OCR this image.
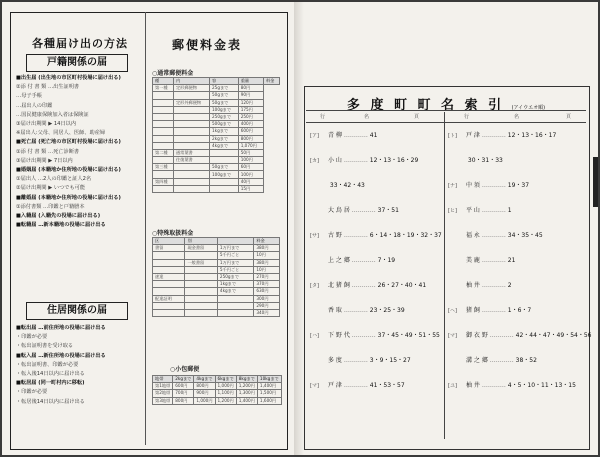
各種届け出の方法
戸籍関係の届
■出生届 (出生地の市区町村役場に届け出る)
②添 付 書 類 …出生証明書
…母子手帳
…届出人の印鑑
…国民健康保険加入者は保険証
③届け出期間 ▶ 14日以内
※届出人:父母、同居人、医師、助産婦
■死亡届 (死亡地の市区町村役場に届け出る)
①添 付 書 類 …死亡診断書
③届け出期間 ▶ 7日以内
■婚姻届 (本籍地か住所地の役場に届け出る)
①届出人 …2人の印鑑と証人2名
②届け出期間 ▶ いつでも可能
■離婚届 (本籍地か住所地の役場に届け出る)
①添付書類 …印鑑と戸籍謄本
■入籍届 (入籍先の役場に届け出る)
■転籍届 …新本籍地の役場に届け出る
住居関係の届
■転出届 …前住所地の役場に届け出る
・印鑑が必要
・転出証明書を受け取る
■転入届 …新住所地の役場に届け出る
・転出証明書、印鑑が必要
・転入後14日以内に届け出る
■転居届 (同一町村内に移転)
・印鑑が必要
・転居後14日以内に届け出る
郵便料金表
○通常郵便料金
種	内	容	重量	料金
第一種	定形郵便物	25gまで	80円	
		50gまで	90円	
	定形外郵便物	50gまで	120円	
		100gまで	175円	
		250gまで	250円	
		500gまで	400円	
		1kgまで	600円	
		2kgまで	800円	
		4kgまで	1,070円	
第二種	通常葉書		50円	
	往復葉書		100円	
第三種		50gまで	60円	
		100gまで	100円	
第四種			40円	
			15円	
○特殊取扱料金
区	別		料金
書留	現金書留	1万円まで	380円
		5千円ごと	10円
	一般書留	1万円まで	380円
		5千円ごと	10円
速達		250gまで	270円
		1kgまで	370円
		4kgまで	630円
配達証明			300円
			290円
			340円
○小包郵便
地帯	2kgまで	4kgまで	6kgまで	8kgまで	10kgまで
第1地帯	600円	800円	1,000円	1,200円	1,400円
第2地帯	700円	900円	1,100円	1,300円	1,500円
第3地帯	800円	1,000円	1,200円	1,400円	1,600円
多 度 町 町 名 索 引 (アイウエオ順)
行	名	頁	行	名	頁
[ア] 青 柳 ………… 41
[カ] 小 山 ………… 12・13・16・29
33・42・43
大 鳥 居 ………… 37・51
[サ] 古 野 ………… 6・14・18・19・32・37
上 之 郷 ………… 7・19
[タ] 北 猪 飼 ………… 26・27・40・41
香 取 ………… 23・25・39
[ハ] 下 野 代 ………… 37・45・49・51・55
多 度 ………… 3・9・15・27
[マ] 戸 津 ………… 41・53・57
[ト] 戸 津 ………… 12・13・16・17
30・31・33
[ナ] 中 須 ………… 19・37
[ヒ] 平 山 ………… 1
福 永 ………… 34・35・45
美 鹿 ………… 21
柚 井 ………… 2
[ヘ] 猪 飼 ………… 1・6・7
[マ] 御 衣 野 ………… 42・44・47・49・54・56
溝 之 郷 ………… 38・52
[ユ] 柚 井 ………… 4・5・10・11・13・15
